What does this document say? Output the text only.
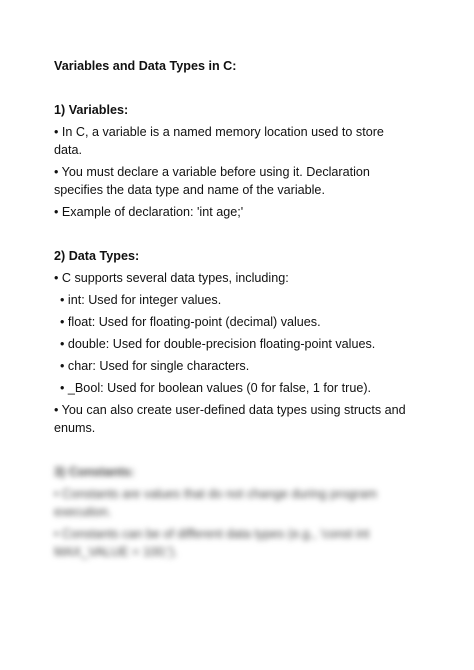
Variables and Data Types in C:

1) Variables:

• In C, a variable is a named memory location used to store data.

• You must declare a variable before using it. Declaration specifies the data type and name of the variable.

• Example of declaration: 'int age;'

2) Data Types:

• C supports several data types, including:

• int: Used for integer values.

• float: Used for floating-point (decimal) values.

• double: Used for double-precision floating-point values.

• char: Used for single characters.

• _Bool: Used for boolean values (0 for false, 1 for true).

• You can also create user-defined data types using structs and enums.

3) Constants:

• Constants are values that do not change during program execution.

• Constants can be of different data types (e.g., 'const int MAX_VALUE = 100;').
